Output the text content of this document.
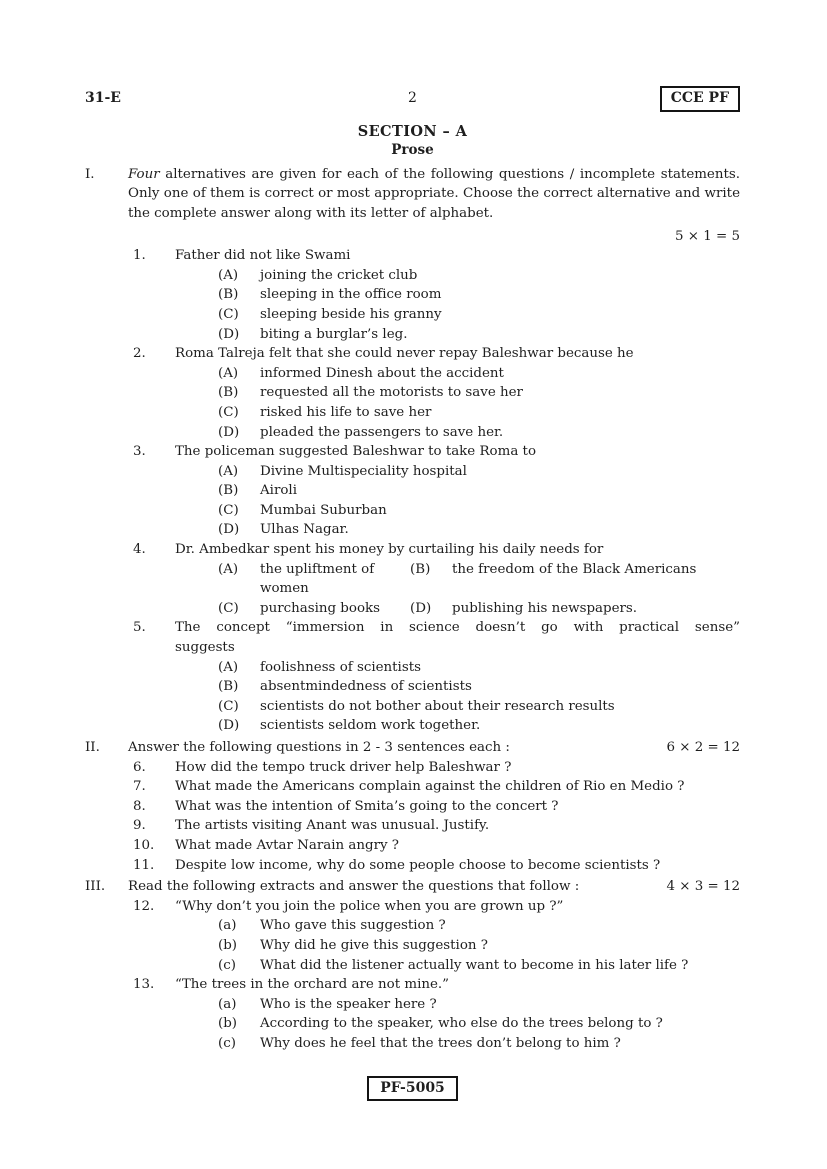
31-E	2	CCE PF
SECTION – A
Prose
I.	Four alternatives are given for each of the following questions / incomplete statements. Only one of them is correct or most appropriate. Choose the correct alternative and write the complete answer along with its letter of alphabet.
5 × 1 = 5
1.	Father did not like Swami
(A)	joining the cricket club
(B)	sleeping in the office room
(C)	sleeping beside his granny
(D)	biting a burglar’s leg.
2.	Roma Talreja felt that she could never repay Baleshwar because he
(A)	informed Dinesh about the accident
(B)	requested all the motorists to save her
(C)	risked his life to save her
(D)	pleaded the passengers to save her.
3.	The policeman suggested Baleshwar to take Roma to
(A)	Divine Multispeciality hospital
(B)	Airoli
(C)	Mumbai Suburban
(D)	Ulhas Nagar.
4.	Dr. Ambedkar spent his money by curtailing his daily needs for
(A)	the upliftment of women
(B)	the freedom of the Black Americans
(C)	purchasing books	(D)	publishing his newspapers.
5.	The concept “immersion in science doesn’t go with practical sense”
suggests
(A)	foolishness of scientists
(B)	absentmindedness of scientists
(C)	scientists do not bother about their research results
(D)	scientists seldom work together.
II.	Answer the following questions in 2 - 3 sentences each :	6 × 2 = 12
6.	How did the tempo truck driver help Baleshwar ?
7.	What made the Americans complain against the children of Rio en Medio ?
8.	What was the intention of Smita’s going to the concert ?
9.	The artists visiting Anant was unusual. Justify.
10.	What made Avtar Narain angry ?
11.	Despite low income, why do some people choose to become scientists ?
III.	Read the following extracts and answer the questions that follow :	4 × 3 = 12
12.	“Why don’t you join the police when you are grown up ?”
(a)	Who gave this suggestion ?
(b)	Why did he give this suggestion ?
(c)	What did the listener actually want to become in his later life ?
13.	“The trees in the orchard are not mine.”
(a)	Who is the speaker here ?
(b)	According to the speaker, who else do the trees belong to ?
(c)	Why does he feel that the trees don’t belong to him ?
PF-5005
